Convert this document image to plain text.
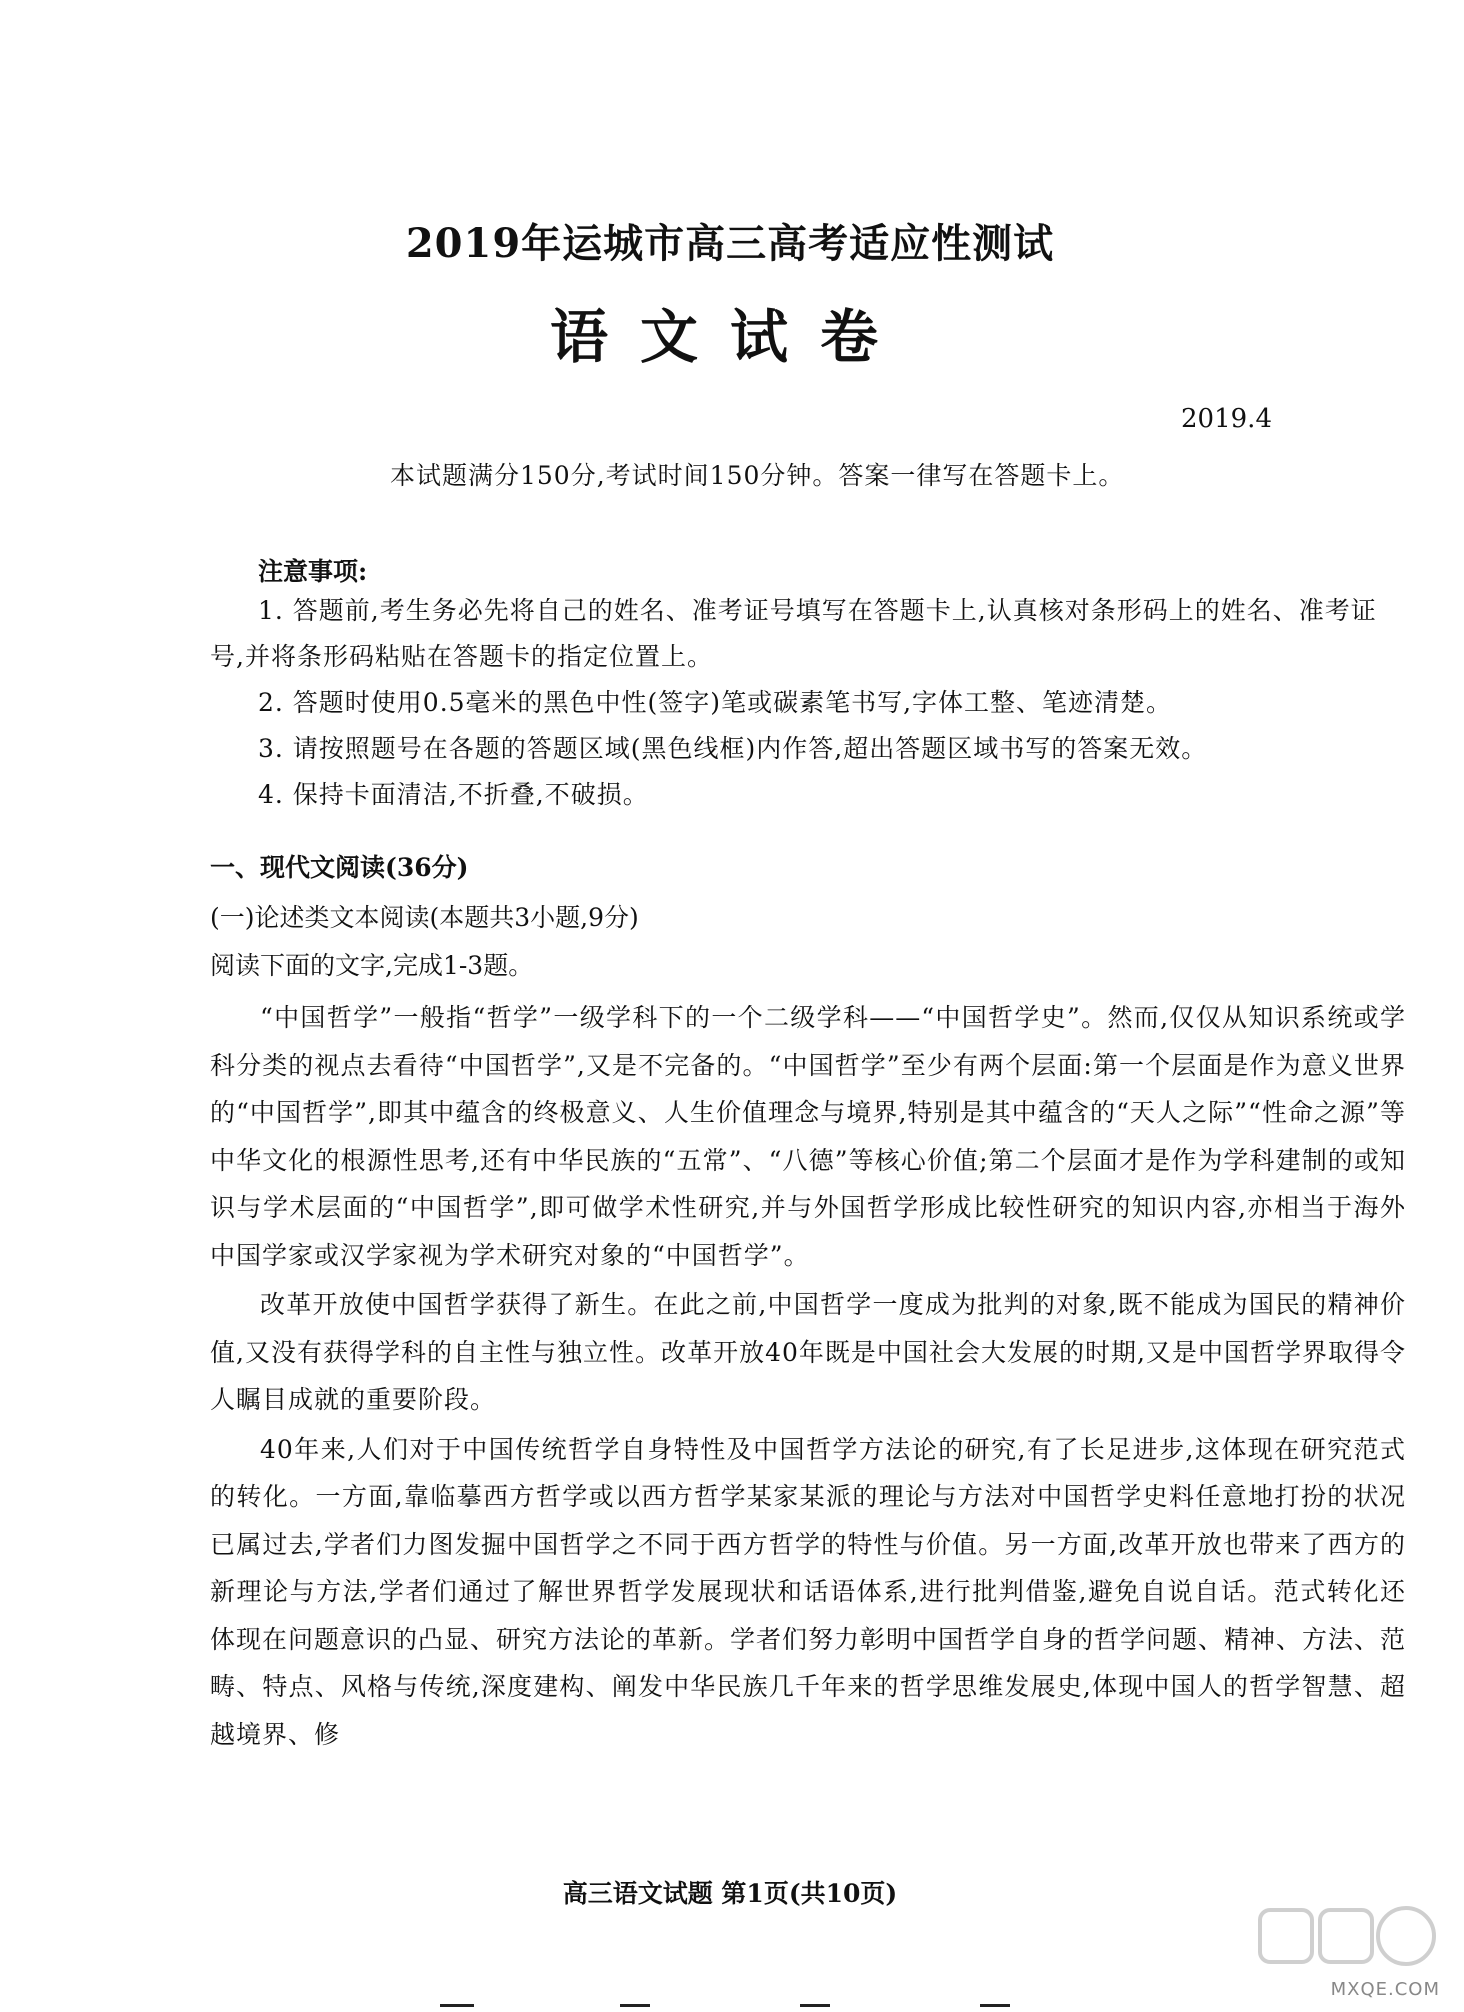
2019年运城市高三高考适应性测试
语文试卷
2019.4
本试题满分150分,考试时间150分钟。答案一律写在答题卡上。
注意事项:

1. 答题前,考生务必先将自己的姓名、准考证号填写在答题卡上,认真核对条形码上的姓名、准考证号,并将条形码粘贴在答题卡的指定位置上。

2. 答题时使用0.5毫米的黑色中性(签字)笔或碳素笔书写,字体工整、笔迹清楚。

3. 请按照题号在各题的答题区域(黑色线框)内作答,超出答题区域书写的答案无效。

4. 保持卡面清洁,不折叠,不破损。

一、现代文阅读(36分)
(一)论述类文本阅读(本题共3小题,9分)
阅读下面的文字,完成1-3题。

“中国哲学”一般指“哲学”一级学科下的一个二级学科——“中国哲学史”。然而,仅仅从知识系统或学科分类的视点去看待“中国哲学”,又是不完备的。“中国哲学”至少有两个层面:第一个层面是作为意义世界的“中国哲学”,即其中蕴含的终极意义、人生价值理念与境界,特别是其中蕴含的“天人之际”“性命之源”等中华文化的根源性思考,还有中华民族的“五常”、“八德”等核心价值;第二个层面才是作为学科建制的或知识与学术层面的“中国哲学”,即可做学术性研究,并与外国哲学形成比较性研究的知识内容,亦相当于海外中国学家或汉学家视为学术研究对象的“中国哲学”。

改革开放使中国哲学获得了新生。在此之前,中国哲学一度成为批判的对象,既不能成为国民的精神价值,又没有获得学科的自主性与独立性。改革开放40年既是中国社会大发展的时期,又是中国哲学界取得令人瞩目成就的重要阶段。

40年来,人们对于中国传统哲学自身特性及中国哲学方法论的研究,有了长足进步,这体现在研究范式的转化。一方面,靠临摹西方哲学或以西方哲学某家某派的理论与方法对中国哲学史料任意地打扮的状况已属过去,学者们力图发掘中国哲学之不同于西方哲学的特性与价值。另一方面,改革开放也带来了西方的新理论与方法,学者们通过了解世界哲学发展现状和话语体系,进行批判借鉴,避免自说自话。范式转化还体现在问题意识的凸显、研究方法论的革新。学者们努力彰明中国哲学自身的哲学问题、精神、方法、范畴、特点、风格与传统,深度建构、阐发中华民族几千年来的哲学思维发展史,体现中国人的哲学智慧、超越境界、修

高三语文试题 第1页(共10页)
MXQE.COM
